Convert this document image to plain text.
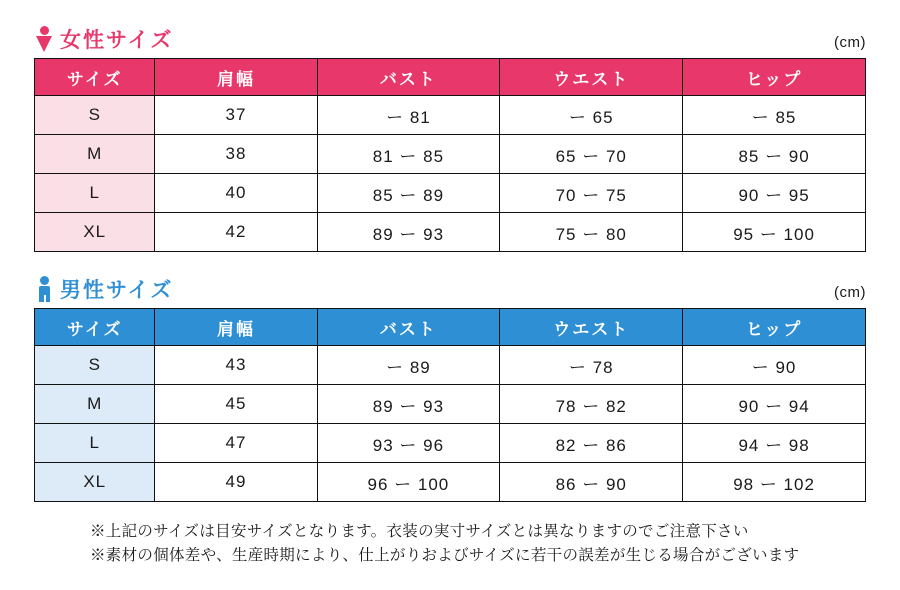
女性サイズ	(cm)
サイズ	肩幅	バスト	ウエスト	ヒップ
S	37	ー 81	ー 65	ー 85
M	38	81 ー 85	65 ー 70	85 ー 90
L	40	85 ー 89	70 ー 75	90 ー 95
XL	42	89 ー 93	75 ー 80	95 ー 100
男性サイズ	(cm)
サイズ	肩幅	バスト	ウエスト	ヒップ
S	43	ー 89	ー 78	ー 90
M	45	89 ー 93	78 ー 82	90 ー 94
L	47	93 ー 96	82 ー 86	94 ー 98
XL	49	96 ー 100	86 ー 90	98 ー 102
※上記のサイズは目安サイズとなります。衣装の実寸サイズとは異なりますのでご注意下さい
※素材の個体差や、生産時期により、仕上がりおよびサイズに若干の誤差が生じる場合がございます
